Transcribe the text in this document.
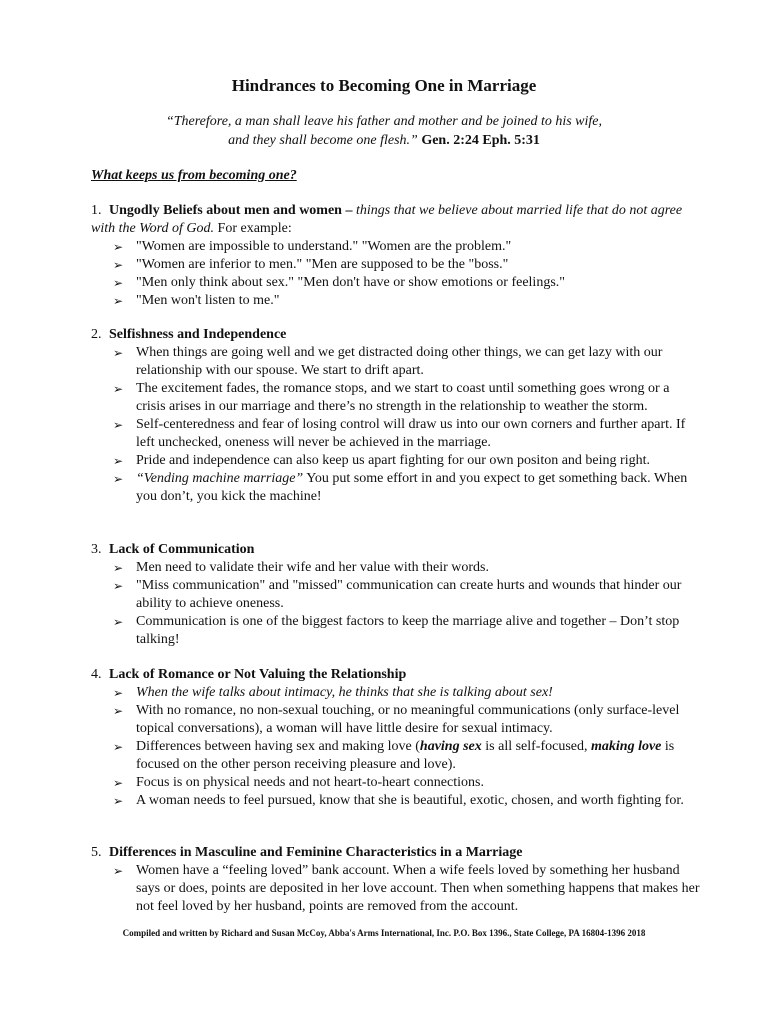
Hindrances to Becoming One in Marriage
“Therefore, a man shall leave his father and mother and be joined to his wife,
and they shall become one flesh.” Gen. 2:24 Eph. 5:31
What keeps us from becoming one?
1. Ungodly Beliefs about men and women – things that we believe about married life that do not agree with the Word of God. For example:
➢ "Women are impossible to understand." "Women are the problem."
➢ "Women are inferior to men." "Men are supposed to be the "boss."
➢ "Men only think about sex." "Men don't have or show emotions or feelings."
➢ "Men won't listen to me."
2. Selfishness and Independence
➢ When things are going well and we get distracted doing other things, we can get lazy with our relationship with our spouse. We start to drift apart.
➢ The excitement fades, the romance stops, and we start to coast until something goes wrong or a crisis arises in our marriage and there’s no strength in the relationship to weather the storm.
➢ Self-centeredness and fear of losing control will draw us into our own corners and further apart. If left unchecked, oneness will never be achieved in the marriage.
➢ Pride and independence can also keep us apart fighting for our own positon and being right.
➢ “Vending machine marriage” You put some effort in and you expect to get something back. When you don’t, you kick the machine!
3. Lack of Communication
➢ Men need to validate their wife and her value with their words.
➢ "Miss communication" and "missed" communication can create hurts and wounds that hinder our ability to achieve oneness.
➢ Communication is one of the biggest factors to keep the marriage alive and together – Don’t stop talking!
4. Lack of Romance or Not Valuing the Relationship
➢ When the wife talks about intimacy, he thinks that she is talking about sex!
➢ With no romance, no non-sexual touching, or no meaningful communications (only surface-level topical conversations), a woman will have little desire for sexual intimacy.
➢ Differences between having sex and making love (having sex is all self-focused, making love is focused on the other person receiving pleasure and love).
➢ Focus is on physical needs and not heart-to-heart connections.
➢ A woman needs to feel pursued, know that she is beautiful, exotic, chosen, and worth fighting for.
5. Differences in Masculine and Feminine Characteristics in a Marriage
➢ Women have a “feeling loved” bank account. When a wife feels loved by something her husband says or does, points are deposited in her love account. Then when something happens that makes her not feel loved by her husband, points are removed from the account.
Compiled and written by Richard and Susan McCoy, Abba's Arms International, Inc. P.O. Box 1396., State College, PA 16804-1396 2018
